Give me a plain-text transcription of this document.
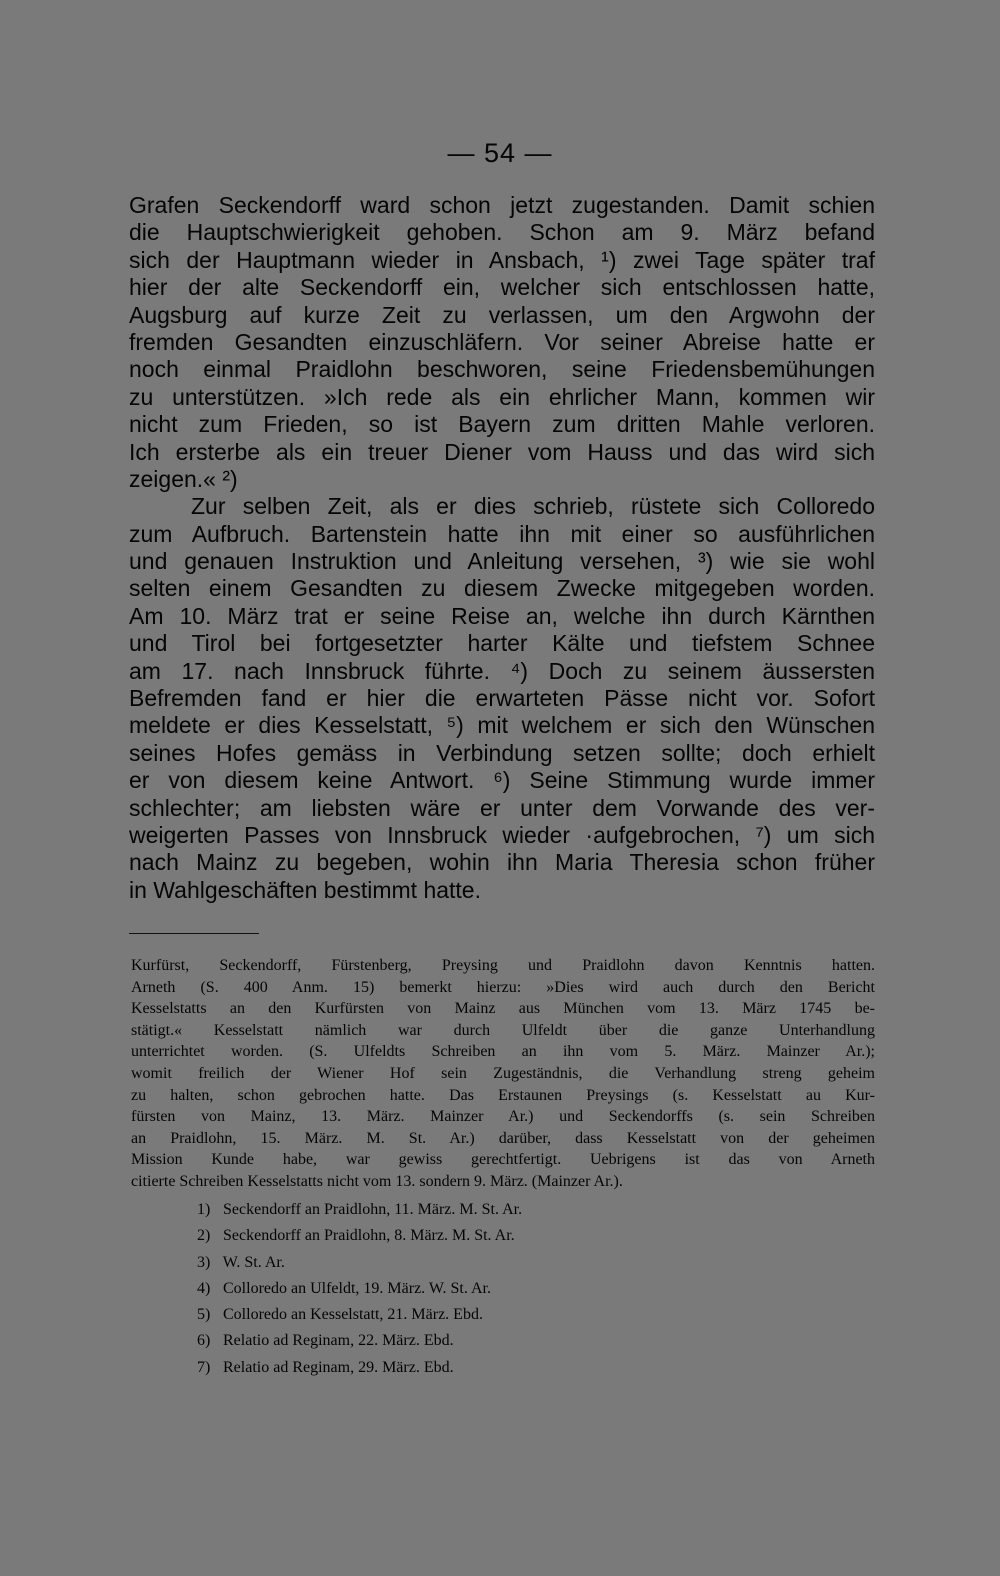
— 54 —
Grafen Seckendorff ward schon jetzt zugestanden. Damit schien
die Hauptschwierigkeit gehoben. Schon am 9. März befand
sich der Hauptmann wieder in Ansbach, ¹) zwei Tage später traf
hier der alte Seckendorff ein, welcher sich entschlossen hatte,
Augsburg auf kurze Zeit zu verlassen, um den Argwohn der
fremden Gesandten einzuschläfern. Vor seiner Abreise hatte er
noch einmal Praidlohn beschworen, seine Friedensbemühungen
zu unterstützen. »Ich rede als ein ehrlicher Mann, kommen wir
nicht zum Frieden, so ist Bayern zum dritten Mahle verloren.
Ich ersterbe als ein treuer Diener vom Hauss und das wird sich
zeigen.« ²)
Zur selben Zeit, als er dies schrieb, rüstete sich Colloredo
zum Aufbruch. Bartenstein hatte ihn mit einer so ausführlichen
und genauen Instruktion und Anleitung versehen, ³) wie sie wohl
selten einem Gesandten zu diesem Zwecke mitgegeben worden.
Am 10. März trat er seine Reise an, welche ihn durch Kärnthen
und Tirol bei fortgesetzter harter Kälte und tiefstem Schnee
am 17. nach Innsbruck führte. ⁴) Doch zu seinem äussersten
Befremden fand er hier die erwarteten Pässe nicht vor. Sofort
meldete er dies Kesselstatt, ⁵) mit welchem er sich den Wünschen
seines Hofes gemäss in Verbindung setzen sollte; doch erhielt
er von diesem keine Antwort. ⁶) Seine Stimmung wurde immer
schlechter; am liebsten wäre er unter dem Vorwande des ver-
weigerten Passes von Innsbruck wieder ·aufgebrochen, ⁷) um sich
nach Mainz zu begeben, wohin ihn Maria Theresia schon früher
in Wahlgeschäften bestimmt hatte.
Kurfürst, Seckendorff, Fürstenberg, Preysing und Praidlohn davon Kenntnis hatten.
Arneth (S. 400 Anm. 15) bemerkt hierzu: »Dies wird auch durch den Bericht
Kesselstatts an den Kurfürsten von Mainz aus München vom 13. März 1745 be-
stätigt.« Kesselstatt nämlich war durch Ulfeldt über die ganze Unterhandlung
unterrichtet worden. (S. Ulfeldts Schreiben an ihn vom 5. März. Mainzer Ar.);
womit freilich der Wiener Hof sein Zugeständnis, die Verhandlung streng geheim
zu halten, schon gebrochen hatte. Das Erstaunen Preysings (s. Kesselstatt au Kur-
fürsten von Mainz, 13. März. Mainzer Ar.) und Seckendorffs (s. sein Schreiben
an Praidlohn, 15. März. M. St. Ar.) darüber, dass Kesselstatt von der geheimen
Mission Kunde habe, war gewiss gerechtfertigt. Uebrigens ist das von Arneth
citierte Schreiben Kesselstatts nicht vom 13. sondern 9. März. (Mainzer Ar.).
1) Seckendorff an Praidlohn, 11. März. M. St. Ar.
2) Seckendorff an Praidlohn, 8. März. M. St. Ar.
3) W. St. Ar.
4) Colloredo an Ulfeldt, 19. März. W. St. Ar.
5) Colloredo an Kesselstatt, 21. März. Ebd.
6) Relatio ad Reginam, 22. März. Ebd.
7) Relatio ad Reginam, 29. März. Ebd.
